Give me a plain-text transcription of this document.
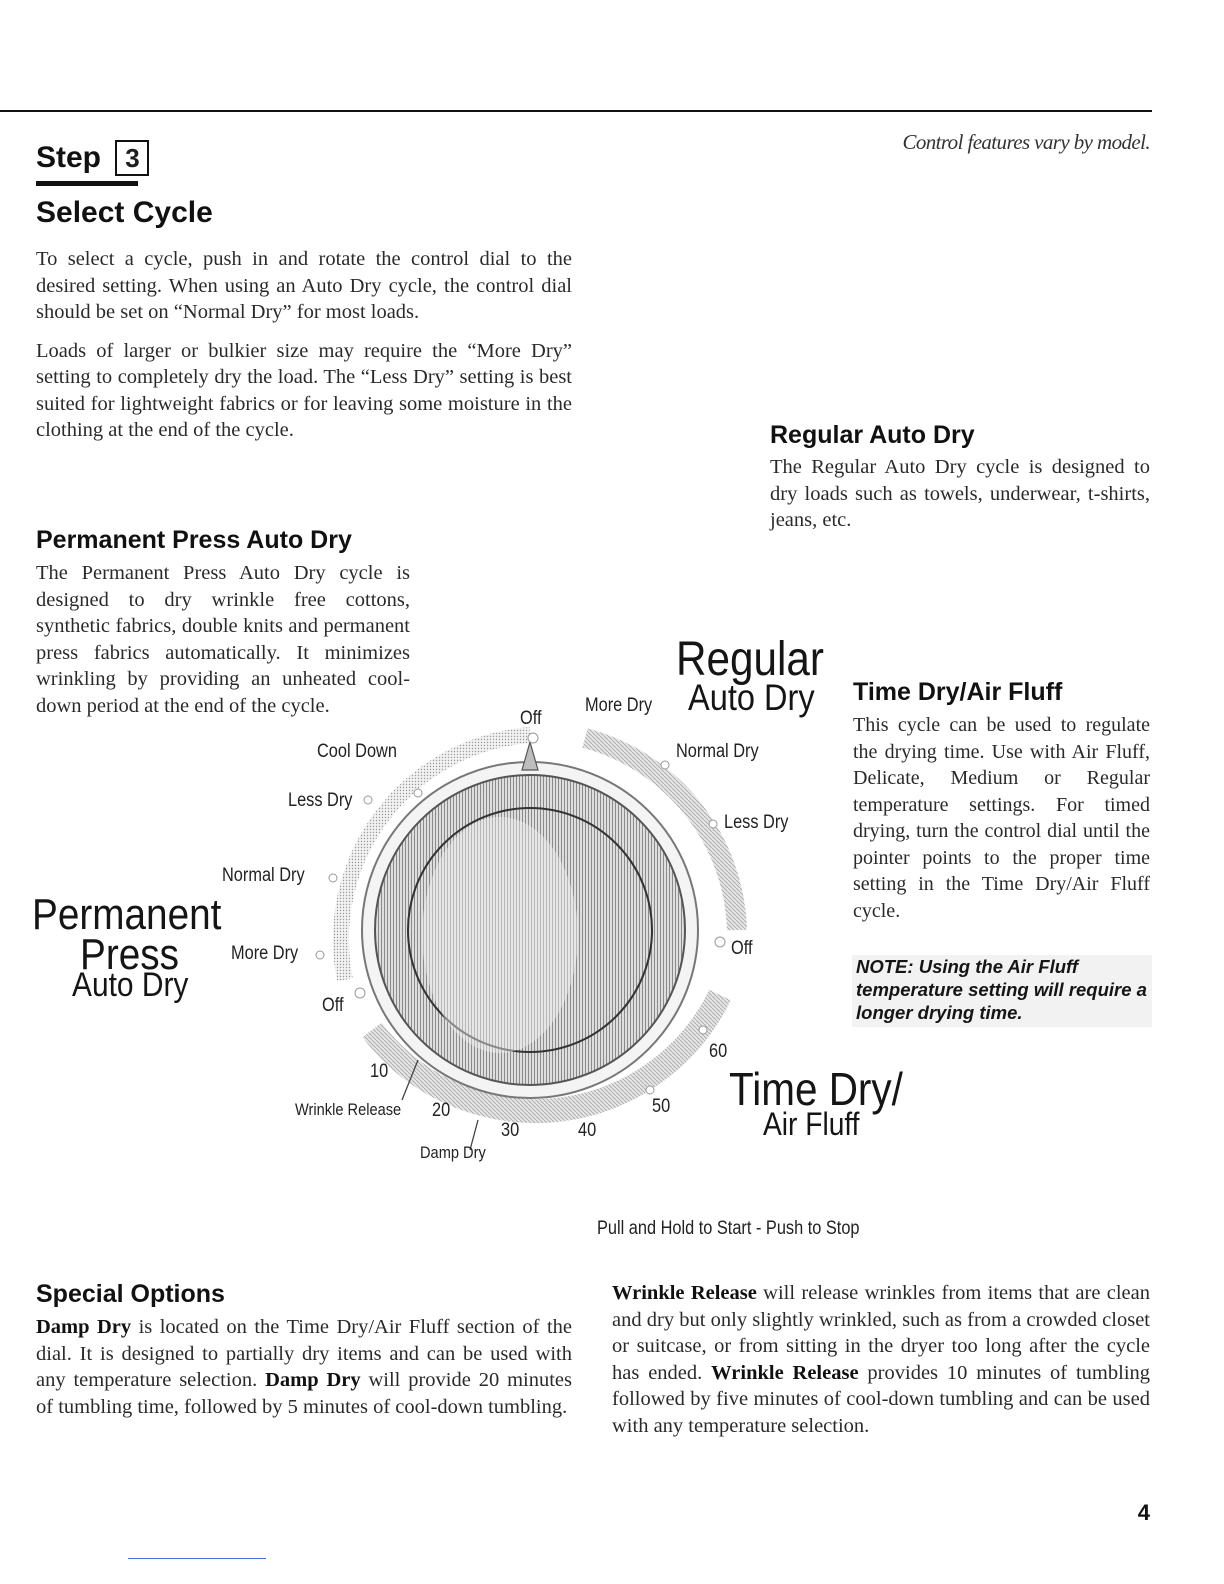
Control features vary by model.
Step 3
Select Cycle

To select a cycle, push in and rotate the control dial to the desired setting. When using an Auto Dry cycle, the control dial should be set on “Normal Dry” for most loads.

Loads of larger or bulkier size may require the “More Dry” setting to completely dry the load. The “Less Dry” setting is best suited for lightweight fabrics or for leaving some moisture in the clothing at the end of the cycle.	Regular Auto Dry

The Regular Auto Dry cycle is designed to dry loads such as towels, underwear, t-shirts, jeans, etc.

Permanent Press Auto Dry

The Permanent Press Auto Dry cycle is designed to dry wrinkle free cottons, synthetic fabrics, double knits and permanent press fabrics automatically. It minimizes wrinkling by providing an unheated cool-down period at the end of the cycle.	Time Dry/Air Fluff

This cycle can be used to regulate the drying time. Use with Air Fluff, Delicate, Medium or Regular temperature settings. For timed drying, turn the control dial until the pointer points to the proper time setting in the Time Dry/Air Fluff cycle.

NOTE: Using the Air Fluff temperature setting will require a longer drying time.
Off
More Dry
Normal Dry
Less Dry
Off
Cool Down
Less Dry
Normal Dry
More Dry
Off
10
Wrinkle Release 20
30
Damp Dry
40
50
60
Regular
Auto Dry
Permanent
Press
Auto Dry
Time Dry/
Air Fluff
Pull and Hold to Start - Push to Stop
Special Options

Damp Dry is located on the Time Dry/Air Fluff section of the dial. It is designed to partially dry items and can be used with any temperature selection. Damp Dry will provide 20 minutes of tumbling time, followed by 5 minutes of cool-down tumbling.

Wrinkle Release will release wrinkles from items that are clean and dry but only slightly wrinkled, such as from a crowded closet or suitcase, or from sitting in the dryer too long after the cycle has ended. Wrinkle Release provides 10 minutes of tumbling followed by five minutes of cool-down tumbling and can be used with any temperature selection.

4
